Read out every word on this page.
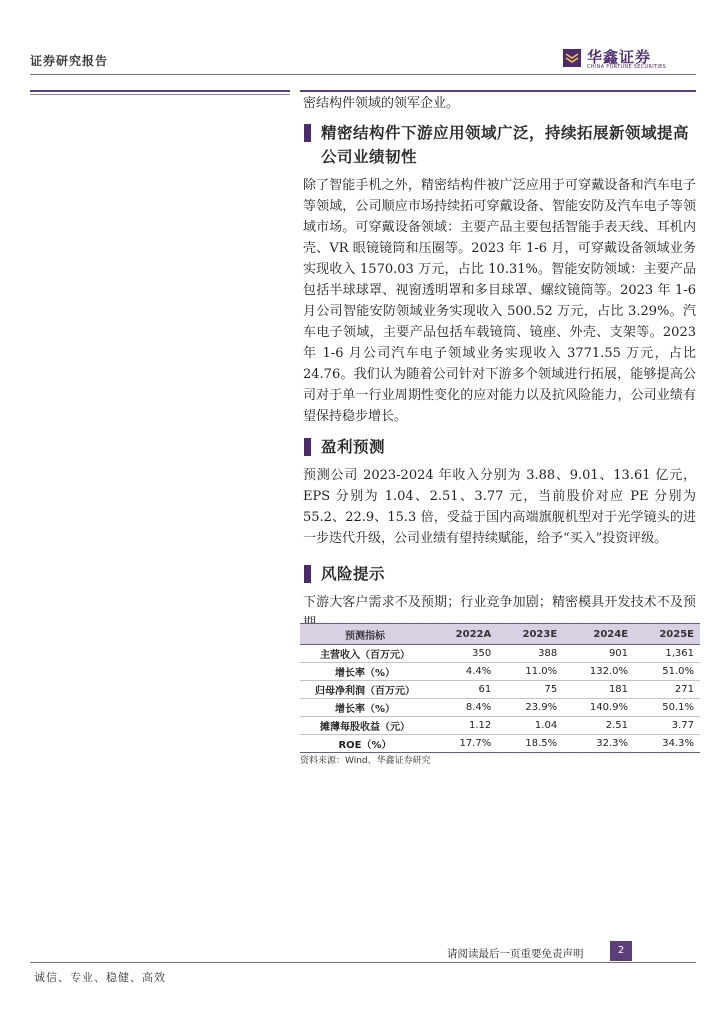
证券研究报告	华鑫证券
CHINA FORTUNE SECURITIES

密结构件领域的领军企业。

精密结构件下游应用领域广泛，持续拓展新领域提高公司业绩韧性

除了智能手机之外，精密结构件被广泛应用于可穿戴设备和汽车电子等领域，公司顺应市场持续拓可穿戴设备、智能安防及汽车电子等领域市场。可穿戴设备领域：主要产品主要包括智能手表天线、耳机内壳、VR 眼镜镜筒和压圈等。2023 年 1-6 月，可穿戴设备领域业务实现收入 1570.03 万元，占比 10.31%。智能安防领域：主要产品包括半球球罩、视窗透明罩和多目球罩、螺纹镜筒等。2023 年 1-6 月公司智能安防领域业务实现收入 500.52 万元，占比 3.29%。汽车电子领域，主要产品包括车载镜筒、镜座、外壳、支架等。2023 年 1-6 月公司汽车电子领域业务实现收入 3771.55 万元，占比 24.76。我们认为随着公司针对下游多个领域进行拓展，能够提高公司对于单一行业周期性变化的应对能力以及抗风险能力，公司业绩有望保持稳步增长。

盈利预测

预测公司 2023-2024 年收入分别为 3.88、9.01、13.61 亿元，EPS 分别为 1.04、2.51、3.77 元，当前股价对应 PE 分别为 55.2、22.9、15.3 倍，受益于国内高端旗舰机型对于光学镜头的进一步迭代升级，公司业绩有望持续赋能，给予“买入”投资评级。

风险提示

下游大客户需求不及预期；行业竞争加剧；精密模具开发技术不及预

预测指标	2022A	2023E	2024E	2025E
主营收入（百万元）	350	388	901	1,361
增长率（%）	4.4%	11.0%	132.0%	51.0%
归母净利润（百万元）	61	75	181	271
增长率（%）	8.4%	23.9%	140.9%	50.1%
摊薄每股收益（元）	1.12	1.04	2.51	3.77
ROE（%）	17.7%	18.5%	32.3%	34.3%
资料来源：Wind、华鑫证券研究
请阅读最后一页重要免责声明	2
诚信、专业、稳健、高效
